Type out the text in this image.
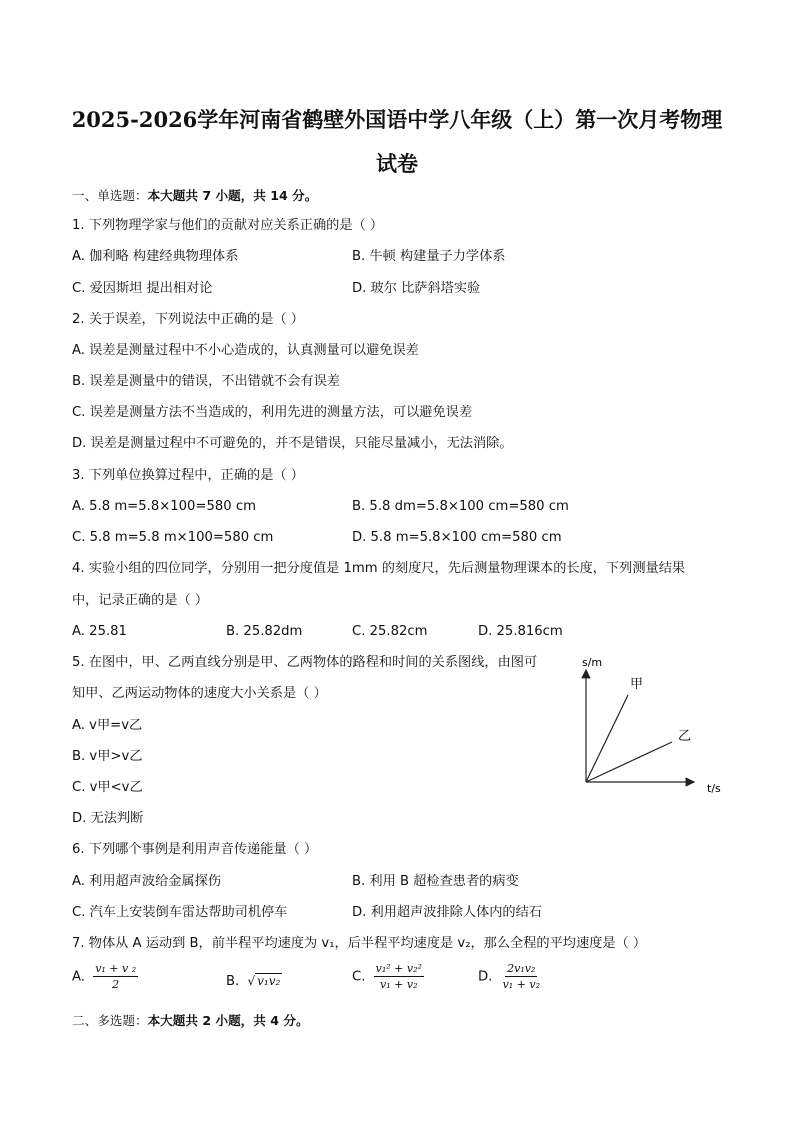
2025-2026学年河南省鹤壁外国语中学八年级（上）第一次月考物理
试卷
一、单选题：本大题共 7 小题，共 14 分。
1. 下列物理学家与他们的贡献对应关系正确的是（ ）
A. 伽利略 构建经典物理体系	B. 牛顿 构建量子力学体系
C. 爱因斯坦 提出相对论	D. 玻尔 比萨斜塔实验
2. 关于误差，下列说法中正确的是（ ）
A. 误差是测量过程中不小心造成的，认真测量可以避免误差
B. 误差是测量中的错误，不出错就不会有误差
C. 误差是测量方法不当造成的，利用先进的测量方法，可以避免误差
D. 误差是测量过程中不可避免的，并不是错误，只能尽量减小，无法消除。
3. 下列单位换算过程中，正确的是（ ）
A. 5.8 m=5.8×100=580 cm	B. 5.8 dm=5.8×100 cm=580 cm
C. 5.8 m=5.8 m×100=580 cm	D. 5.8 m=5.8×100 cm=580 cm
4. 实验小组的四位同学，分别用一把分度值是 1mm 的刻度尺，先后测量物理课本的长度，下列测量结果
中，记录正确的是（ ）
A. 25.81	B. 25.82dm	C. 25.82cm	D. 25.816cm
5. 在图中，甲、乙两直线分别是甲、乙两物体的路程和时间的关系图线，由图可
知甲、乙两运动物体的速度大小关系是（ ）
A. v甲=v乙
B. v甲>v乙
C. v甲<v乙
D. 无法判断
s/m
t/s
甲
乙
6. 下列哪个事例是利用声音传递能量（ ）
A. 利用超声波给金属探伤	B. 利用 B 超检查患者的病变
C. 汽车上安装倒车雷达帮助司机停车	D. 利用超声波排除人体内的结石
7. 物体从 A 运动到 B，前半程平均速度为 v₁，后半程平均速度是 v₂，那么全程的平均速度是（ ）
A. $\frac{\text{v₁ + v ₂}}{2}$	B. √ v₁v₂	C. $\frac{\text{v₁² + v₂²}}{\text{v₁ + v₂}}$	D. $\frac{\text{2v₁v₂}}{\text{v₁ + v₂}}$
二、多选题：本大题共 2 小题，共 4 分。
